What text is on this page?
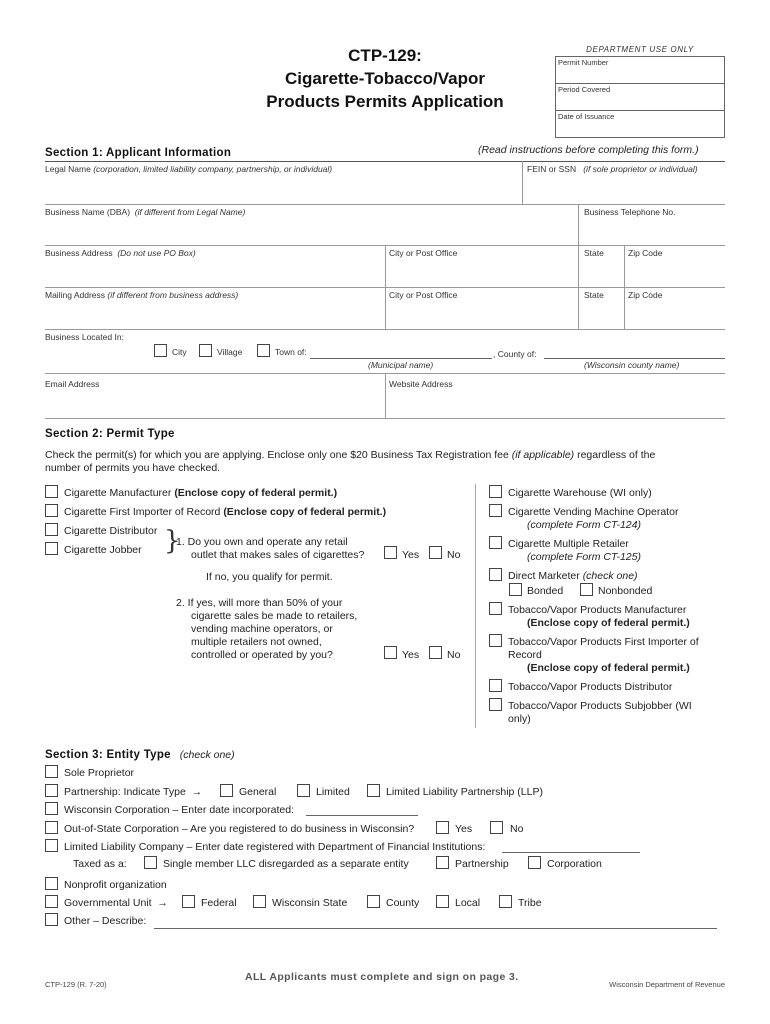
CTP-129:
Cigarette-Tobacco/Vapor
Products Permits Application
DEPARTMENT USE ONLY
Permit Number
Period Covered
Date of Issuance
Section 1: Applicant Information	(Read instructions before completing this form.)
Legal Name (corporation, limited liability company, partnership, or individual)	FEIN or SSN (if sole proprietor or individual)
Business Name (DBA) (if different from Legal Name)	Business Telephone No.
Business Address (Do not use PO Box)	City or Post Office	State	Zip Code
Mailing Address (if different from business address)	City or Post Office	State	Zip Code
Business Located In:
City	Village	Town of:	, County of:
(Municipal name)	(Wisconsin county name)
Email Address	Website Address
Section 2: Permit Type
Check the permit(s) for which you are applying. Enclose only one $20 Business Tax Registration fee (if applicable) regardless of the
number of permits you have checked.
Cigarette Manufacturer (Enclose copy of federal permit.)
Cigarette First Importer of Record (Enclose copy of federal permit.)
Cigarette Distributor
Cigarette Jobber }
1. Do you own and operate any retail
outlet that makes sales of cigarettes?	Yes	No
If no, you qualify for permit.
2. If yes, will more than 50% of your
cigarette sales be made to retailers,
vending machine operators, or
multiple retailers not owned,
controlled or operated by you?	Yes	No
Cigarette Warehouse (WI only)
Cigarette Vending Machine Operator
(complete Form CT-124)
Cigarette Multiple Retailer
(complete Form CT-125)
Direct Marketer (check one)
Bonded	Nonbonded
Tobacco/Vapor Products Manufacturer
(Enclose copy of federal permit.)
Tobacco/Vapor Products First Importer of
Record
(Enclose copy of federal permit.)
Tobacco/Vapor Products Distributor
Tobacco/Vapor Products Subjobber (WI
only)
Section 3: Entity Type (check one)
Sole Proprietor
Partnership: Indicate Type →	General	Limited	Limited Liability Partnership (LLP)
Wisconsin Corporation – Enter date incorporated:
Out-of-State Corporation – Are you registered to do business in Wisconsin?	Yes	No
Limited Liability Company – Enter date registered with Department of Financial Institutions:
Taxed as a:	Single member LLC disregarded as a separate entity	Partnership	Corporation
Nonprofit organization
Governmental Unit →	Federal	Wisconsin State	County	Local	Tribe
Other – Describe:
CTP-129 (R. 7-20)
ALL Applicants must complete and sign on page 3.
Wisconsin Department of Revenue
